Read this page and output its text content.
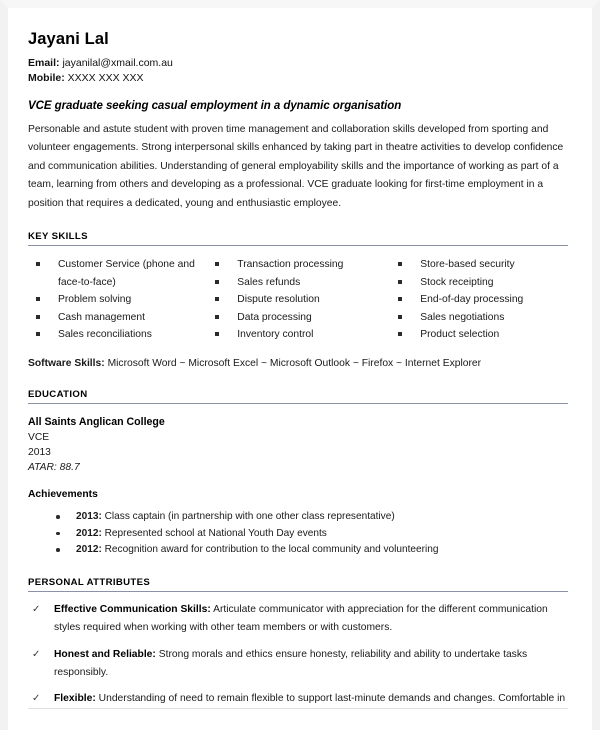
Jayani Lal
Email: jayanilal@xmail.com.au
Mobile: XXXX XXX XXX
VCE graduate seeking casual employment in a dynamic organisation

Personable and astute student with proven time management and collaboration skills developed from sporting and volunteer engagements. Strong interpersonal skills enhanced by taking part in theatre activities to develop confidence and communication abilities. Understanding of general employability skills and the importance of working as part of a team, learning from others and developing as a professional. VCE graduate looking for first-time employment in a position that requires a dedicated, young and enthusiastic employee.

KEY SKILLS
Customer Service (phone and face-to-face)
Problem solving
Cash management
Sales reconciliations
Transaction processing
Sales refunds
Dispute resolution
Data processing
Inventory control
Store-based security
Stock receipting
End-of-day processing
Sales negotiations
Product selection
Software Skills: Microsoft Word ~ Microsoft Excel ~ Microsoft Outlook ~ Firefox ~ Internet Explorer
EDUCATION
All Saints Anglican College
VCE
2013
ATAR: 88.7
Achievements
2013: Class captain (in partnership with one other class representative)
2012: Represented school at National Youth Day events
2012: Recognition award for contribution to the local community and volunteering
PERSONAL ATTRIBUTES
✓ Effective Communication Skills: Articulate communicator with appreciation for the different communication styles required when working with other team members or with customers.
✓ Honest and Reliable: Strong morals and ethics ensure honesty, reliability and ability to undertake tasks responsibly.
✓ Flexible: Understanding of need to remain flexible to support last-minute demands and changes. Comfortable in
